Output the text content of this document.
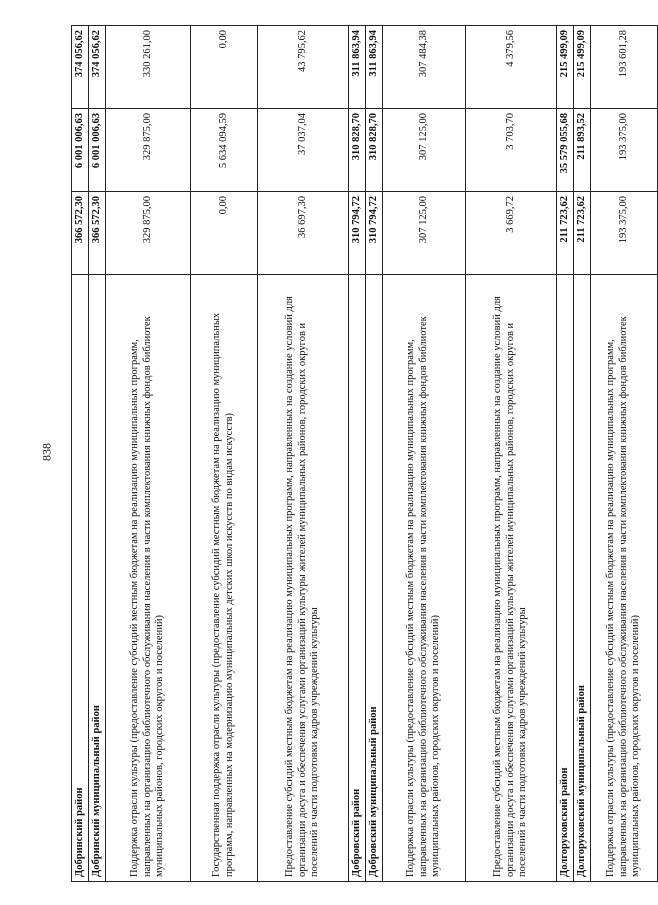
838
Добринский район	366 572,30	6 001 006,63	374 056,62
Добринский муниципальный район	366 572,30	6 001 006,63	374 056,62
Поддержка отрасли культуры (предоставление субсидий местным бюджетам на реализацию муниципальных программ, направленных на организацию библиотечного обслуживания населения в части комплектования книжных фондов библиотек муниципальных районов, городских округов и поселений)	329 875,00	329 875,00	330 261,00
Государственная поддержка отрасли культуры (предоставление субсидий местным бюджетам на реализацию муниципальных программ, направленных на модернизацию муниципальных детских школ искусств по видам искусств)	0,00	5 634 094,59	0,00
Предоставление субсидий местным бюджетам на реализацию муниципальных программ, направленных на создание условий для организации досуга и обеспечения услугами организаций культуры жителей муниципальных районов, городских округов и поселений в части подготовки кадров учреждений культуры	36 697,30	37 037,04	43 795,62
Добровский район	310 794,72	310 828,70	311 863,94
Добровский муниципальный район	310 794,72	310 828,70	311 863,94
Поддержка отрасли культуры (предоставление субсидий местным бюджетам на реализацию муниципальных программ, направленных на организацию библиотечного обслуживания населения в части комплектования книжных фондов библиотек муниципальных районов, городских округов и поселений)	307 125,00	307 125,00	307 484,38
Предоставление субсидий местным бюджетам на реализацию муниципальных программ, направленных на создание условий для организации досуга и обеспечения услугами организаций культуры жителей муниципальных районов, городских округов и поселений в части подготовки кадров учреждений культуры	3 669,72	3 703,70	4 379,56
Долгоруковский район	211 723,62	35 579 055,68	215 499,09
Долгоруковский муниципальный район	211 723,62	211 893,52	215 499,09
Поддержка отрасли культуры (предоставление субсидий местным бюджетам на реализацию муниципальных программ, направленных на организацию библиотечного обслуживания населения в части комплектования книжных фондов библиотек муниципальных районов, городских округов и поселений)	193 375,00	193 375,00	193 601,28
